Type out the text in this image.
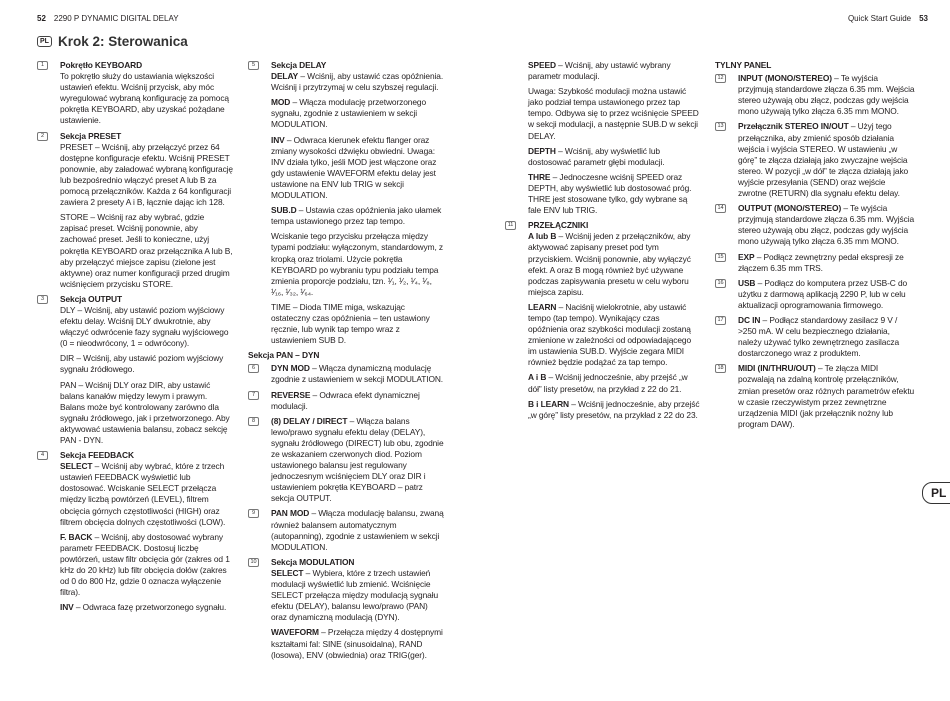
52 2290 P DYNAMIC DIGITAL DELAY	Quick Start Guide 53
PL Krok 2: Sterowanica
1	Pokrętło KEYBOARD
To pokrętło służy do ustawiania większości ustawień efektu. Wciśnij przycisk, aby móc wyregulować wybraną konfigurację za pomocą pokrętła KEYBOARD, aby uzyskać pożądane ustawienie.
2	Sekcja PRESET
PRESET – Wciśnij, aby przełączyć przez 64 dostępne konfiguracje efektu. Wciśnij PRESET ponownie, aby załadować wybraną konfigurację lub bezpośrednio włączyć preset A lub B za pomocą przełączników. Każda z 64 konfiguracji zawiera 2 presety A i B, łącznie dając ich 128.
STORE – Wciśnij raz aby wybrać, gdzie zapisać preset. Wciśnij ponownie, aby zachować preset. Jeśli to konieczne, użyj pokrętła KEYBOARD oraz przełącznika A lub B, aby przełączyć miejsce zapisu (zielone jest aktywne) oraz numer konfiguracji przed drugim wciśnięciem przycisku STORE.
3	Sekcja OUTPUT
DLY – Wciśnij, aby ustawić poziom wyjściowy efektu delay. Wciśnij DLY dwukrotnie, aby włączyć odwrócenie fazy sygnału wyjściowego (0 = nieodwrócony, 1 = odwrócony).
DIR – Wciśnij, aby ustawić poziom wyjściowy sygnału źródłowego.
PAN – Wciśnij DLY oraz DIR, aby ustawić balans kanałów między lewym i prawym. Balans może być kontrolowany zarówno dla sygnału źródłowego, jak i przetworzonego. Aby aktywować ustawienia balansu, zobacz sekcję PAN - DYN.
4	Sekcja FEEDBACK
SELECT – Wciśnij aby wybrać, które z trzech ustawień FEEDBACK wyświetlić lub dostosować. Wciskanie SELECT przełącza między liczbą powtórzeń (LEVEL), filtrem obcięcia górnych częstotliwości (HIGH) oraz filtrem obcięcia dolnych częstotliwości (LOW).
F. BACK – Wciśnij, aby dostosować wybrany parametr FEEDBACK. Dostosuj liczbę powtórzeń, ustaw filtr obcięcia gór (zakres od 1 kHz do 20 kHz) lub filtr obcięcia dołów (zakres od 0 do 800 Hz, gdzie 0 oznacza wyłączenie filtra).
INV – Odwraca fazę przetworzonego sygnału.
5	Sekcja DELAY
DELAY – Wciśnij, aby ustawić czas opóźnienia. Wciśnij i przytrzymaj w celu szybszej regulacji.
MOD – Włącza modulację przetworzonego sygnału, zgodnie z ustawieniem w sekcji MODULATION.
INV – Odwraca kierunek efektu flanger oraz zmiany wysokości dźwięku obwiedni. Uwaga: INV działa tylko, jeśli MOD jest włączone oraz gdy ustawienie WAVEFORM efektu delay jest ustawione na ENV lub TRIG w sekcji MODULATION.
SUB.D – Ustawia czas opóźnienia jako ułamek tempa ustawionego przez tap tempo.
Wciskanie tego przycisku przełącza między typami podziału: wyłączonym, standardowym, z kropką oraz triolami. Użycie pokrętła KEYBOARD po wybraniu typu podziału tempa zmienia proporcje podziału, tzn. ¹⁄₁, ¹⁄₂, ¹⁄₄, ¹⁄₈, ¹⁄₁₆, ¹⁄₃₂, ¹⁄₆₄.
TIME – Dioda TIME miga, wskazując ostateczny czas opóźnienia – ten ustawiony ręcznie, lub wynik tap tempo wraz z ustawieniem SUB D.
Sekcja PAN – DYN
6	DYN MOD – Włącza dynamiczną modulację zgodnie z ustawieniem w sekcji MODULATION.
7	REVERSE – Odwraca efekt dynamicznej modulacji.
8	(8) DELAY / DIRECT – Włącza balans lewo/prawo sygnału efektu delay (DELAY), sygnału źródłowego (DIRECT) lub obu, zgodnie ze wskazaniem czerwonych diod. Poziom ustawionego balansu jest regulowany jednoczesnym wciśnięciem DLY oraz DIR i ustawieniem pokrętła KEYBOARD – patrz sekcja OUTPUT.
9	PAN MOD – Włącza modulację balansu, zwaną również balansem automatycznym (autopanning), zgodnie z ustawieniem w sekcji MODULATION.
10	Sekcja MODULATION
SELECT – Wybiera, które z trzech ustawień modulacji wyświetlić lub zmienić. Wciśnięcie SELECT przełącza między modulacją sygnału efektu (DELAY), balansu lewo/prawo (PAN) oraz dynamiczną modulacją (DYN).
WAVEFORM – Przełącza między 4 dostępnymi kształtami fal: SINE (sinusoidalna), RAND (losowa), ENV (obwiednia) oraz TRIG(ger).
SPEED – Wciśnij, aby ustawić wybrany parametr modulacji.
Uwaga: Szybkość modulacji można ustawić jako podział tempa ustawionego przez tap tempo. Odbywa się to przez wciśnięcie SPEED w sekcji modulacji, a następnie SUB.D w sekcji DELAY.
DEPTH – Wciśnij, aby wyświetlić lub dostosować parametr głębi modulacji.
THRE – Jednoczesne wciśnij SPEED oraz DEPTH, aby wyświetlić lub dostosować próg. THRE jest stosowane tylko, gdy wybrane są fale ENV lub TRIG.
11	PRZEŁĄCZNIKI
A lub B – Wciśnij jeden z przełączników, aby aktywować zapisany preset pod tym przyciskiem. Wciśnij ponownie, aby wyłączyć efekt. A oraz B mogą również być używane podczas zapisywania presetu w celu wyboru miejsca zapisu.
LEARN – Naciśnij wielokrotnie, aby ustawić tempo (tap tempo). Wynikający czas opóźnienia oraz szybkości modulacji zostaną zmienione w zależności od odpowiadającego im ustawienia SUB.D. Wyjście zegara MIDI również będzie podążać za tap tempo.
A i B – Wciśnij jednocześnie, aby przejść „w dół” listy presetów, na przykład z 22 do 21.
B i LEARN – Wciśnij jednocześnie, aby przejść „w górę” listy presetów, na przykład z 22 do 23.
TYLNY PANEL
12	INPUT (MONO/STEREO) – Te wyjścia przyjmują standardowe złącza 6.35 mm. Wejścia stereo używają obu złącz, podczas gdy wejścia mono używają tylko złącza 6.35 mm MONO.
13	Przełącznik STEREO IN/OUT – Użyj tego przełącznika, aby zmienić sposób działania wejścia i wyjścia STEREO. W ustawieniu „w górę” te złącza działają jako zwyczajne wejścia stereo. W pozycji „w dół” te złącza działają jako wyjście przesyłania (SEND) oraz wejście zwrotne (RETURN) dla sygnału efektu delay.
14	OUTPUT (MONO/STEREO) – Te wyjścia przyjmują standardowe złącza 6.35 mm. Wyjścia stereo używają obu złącz, podczas gdy wyjścia mono używają tylko złącza 6.35 mm MONO.
15	EXP – Podłącz zewnętrzny pedał ekspresji ze złączem 6.35 mm TRS.
16	USB – Podłącz do komputera przez USB-C do użytku z darmową aplikacją 2290 P, lub w celu aktualizacji oprogramowania firmowego.
17	DC IN – Podłącz standardowy zasilacz 9 V / >250 mA. W celu bezpiecznego działania, należy używać tylko zewnętrznego zasilacza dostarczonego wraz z produktem.
18	MIDI (IN/THRU/OUT) – Te złącza MIDI pozwalają na zdalną kontrolę przełączników, zmian presetów oraz różnych parametrów efektu w czasie rzeczywistym przez zewnętrzne urządzenia MIDI (jak przełącznik nożny lub program DAW).
PL
